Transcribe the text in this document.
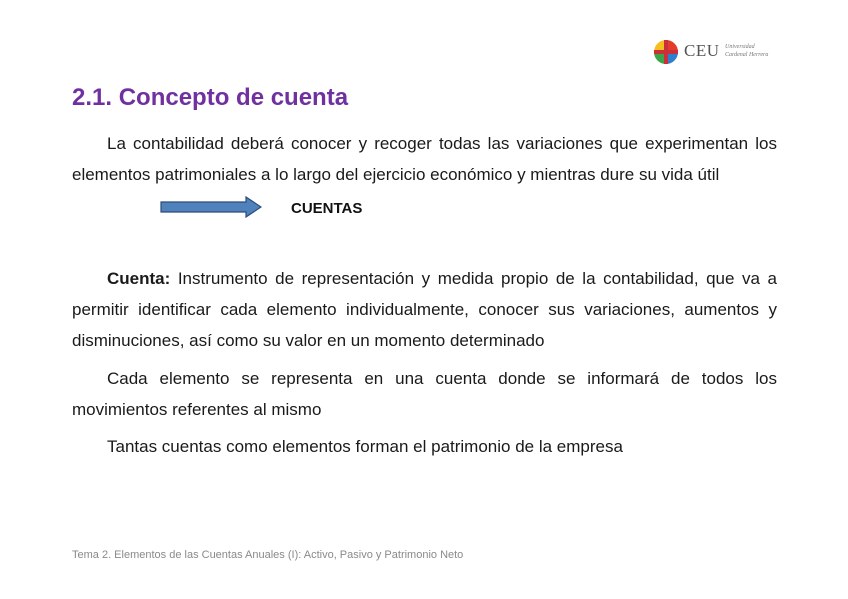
CEU Universidad
Cardenal Herrera
2.1. Concepto de cuenta

La contabilidad deberá conocer y recoger todas las variaciones que experimentan los elementos patrimoniales a lo largo del ejercicio económico y mientras dure su vida útil

CUENTAS

Cuenta: Instrumento de representación y medida propio de la contabilidad, que va a permitir identificar cada elemento individualmente, conocer sus variaciones, aumentos y disminuciones, así como su valor en un momento determinado

Cada elemento se representa en una cuenta donde se informará de todos los movimientos referentes al mismo

Tantas cuentas como elementos forman el patrimonio de la empresa

Tema 2. Elementos de las Cuentas Anuales (I): Activo, Pasivo y Patrimonio Neto
